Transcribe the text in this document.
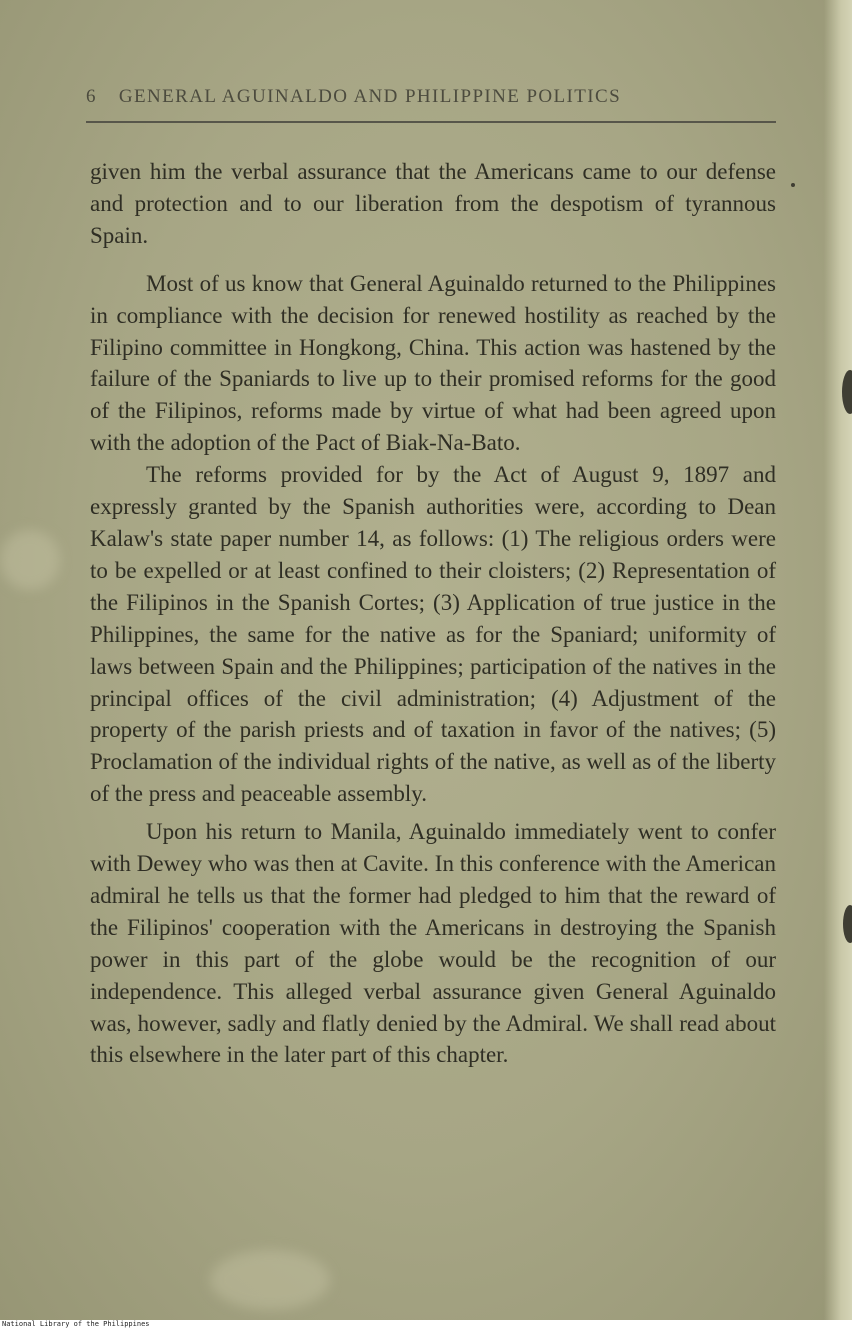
6 GENERAL AGUINALDO AND PHILIPPINE POLITICS

given him the verbal assurance that the Americans came to our defense and protection and to our liberation from the despotism of tyrannous Spain.

Most of us know that General Aguinaldo returned to the Philippines in compliance with the decision for renewed hostility as reached by the Filipino committee in Hongkong, China. This action was hastened by the failure of the Spaniards to live up to their promised reforms for the good of the Filipinos, reforms made by virtue of what had been agreed upon with the adoption of the Pact of Biak-Na-Bato.

The reforms provided for by the Act of August 9, 1897 and expressly granted by the Spanish authorities were, according to Dean Kalaw's state paper number 14, as follows: (1) The religious orders were to be expelled or at least confined to their cloisters; (2) Representation of the Filipinos in the Spanish Cortes; (3) Application of true justice in the Philippines, the same for the native as for the Spaniard; uniformity of laws between Spain and the Philippines; participation of the natives in the principal offices of the civil administration; (4) Adjustment of the property of the parish priests and of taxation in favor of the natives; (5) Proclamation of the individual rights of the native, as well as of the liberty of the press and peaceable assembly.

Upon his return to Manila, Aguinaldo immediately went to confer with Dewey who was then at Cavite. In this conference with the American admiral he tells us that the former had pledged to him that the reward of the Filipinos' cooperation with the Americans in destroying the Spanish power in this part of the globe would be the recognition of our independence. This alleged verbal assurance given General Aguinaldo was, however, sadly and flatly denied by the Admiral. We shall read about this elsewhere in the later part of this chapter.

National Library of the Philippines
